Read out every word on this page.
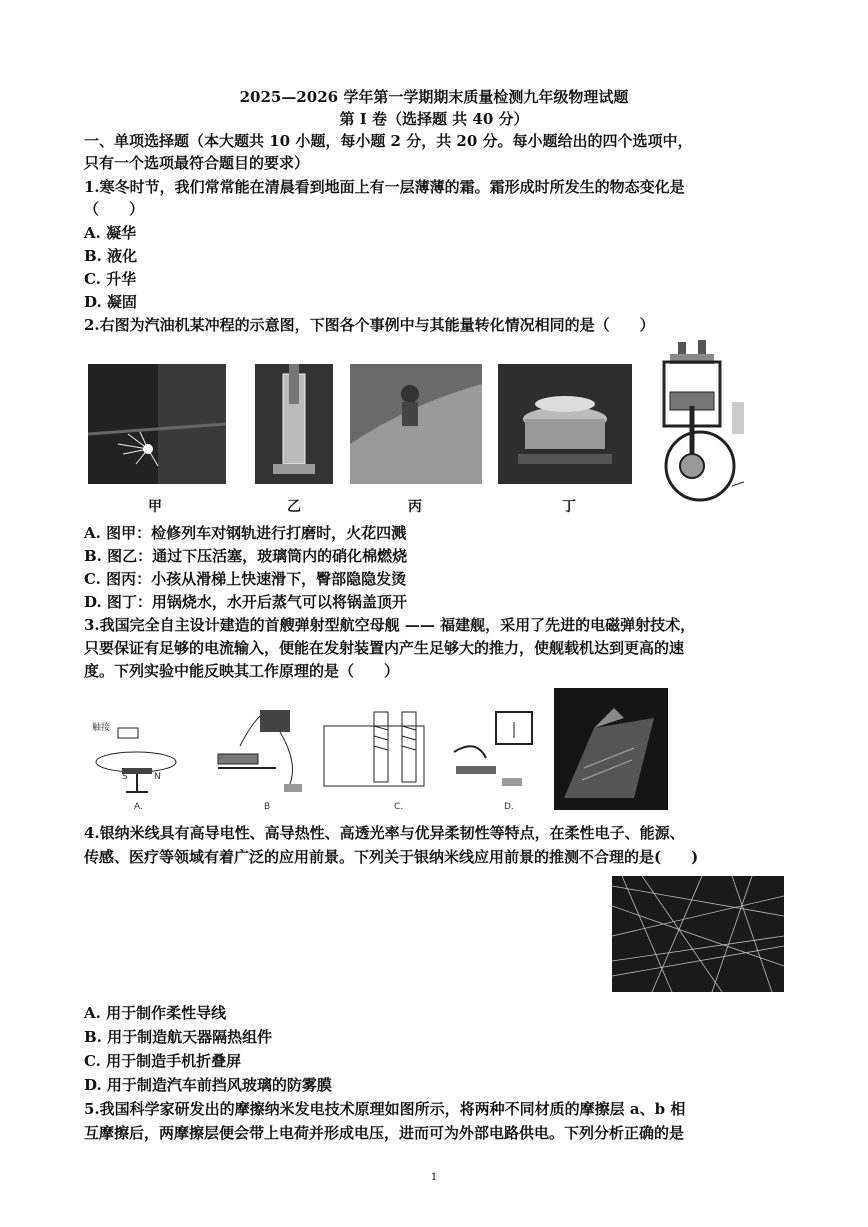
2025—2026 学年第一学期期末质量检测九年级物理试题
第 Ⅰ 卷（选择题 共 40 分）
一、单项选择题（本大题共 10 小题，每小题 2 分，共 20 分。每小题给出的四个选项中，
只有一个选项最符合题目的要求）
1.寒冬时节，我们常常能在清晨看到地面上有一层薄薄的霜。霜形成时所发生的物态变化是
（　　）
A. 凝华
B. 液化
C. 升华
D. 凝固
2.右图为汽油机某冲程的示意图，下图各个事例中与其能量转化情况相同的是（　　）
甲	乙	丙	丁
A. 图甲：检修列车对钢轨进行打磨时，火花四溅
B. 图乙：通过下压活塞，玻璃筒内的硝化棉燃烧
C. 图丙：小孩从滑梯上快速滑下，臀部隐隐发烫
D. 图丁：用锅烧水，水开后蒸气可以将锅盖顶开
3.我国完全自主设计建造的首艘弹射型航空母舰 —— 福建舰，采用了先进的电磁弹射技术，
只要保证有足够的电流输入，便能在发射装置内产生足够大的推力，使舰载机达到更高的速
度。下列实验中能反映其工作原理的是（　　）
触接
S	N
A.	B	C.	D.
4.银纳米线具有高导电性、高导热性、高透光率与优异柔韧性等特点，在柔性电子、能源、
传感、医疗等领域有着广泛的应用前景。下列关于银纳米线应用前景的推测不合理的是(　　)
A. 用于制作柔性导线
B. 用于制造航天器隔热组件
C. 用于制造手机折叠屏
D. 用于制造汽车前挡风玻璃的防雾膜
5.我国科学家研发出的摩擦纳米发电技术原理如图所示，将两种不同材质的摩擦层 a、b 相
互摩擦后，两摩擦层便会带上电荷并形成电压，进而可为外部电路供电。下列分析正确的是
1
